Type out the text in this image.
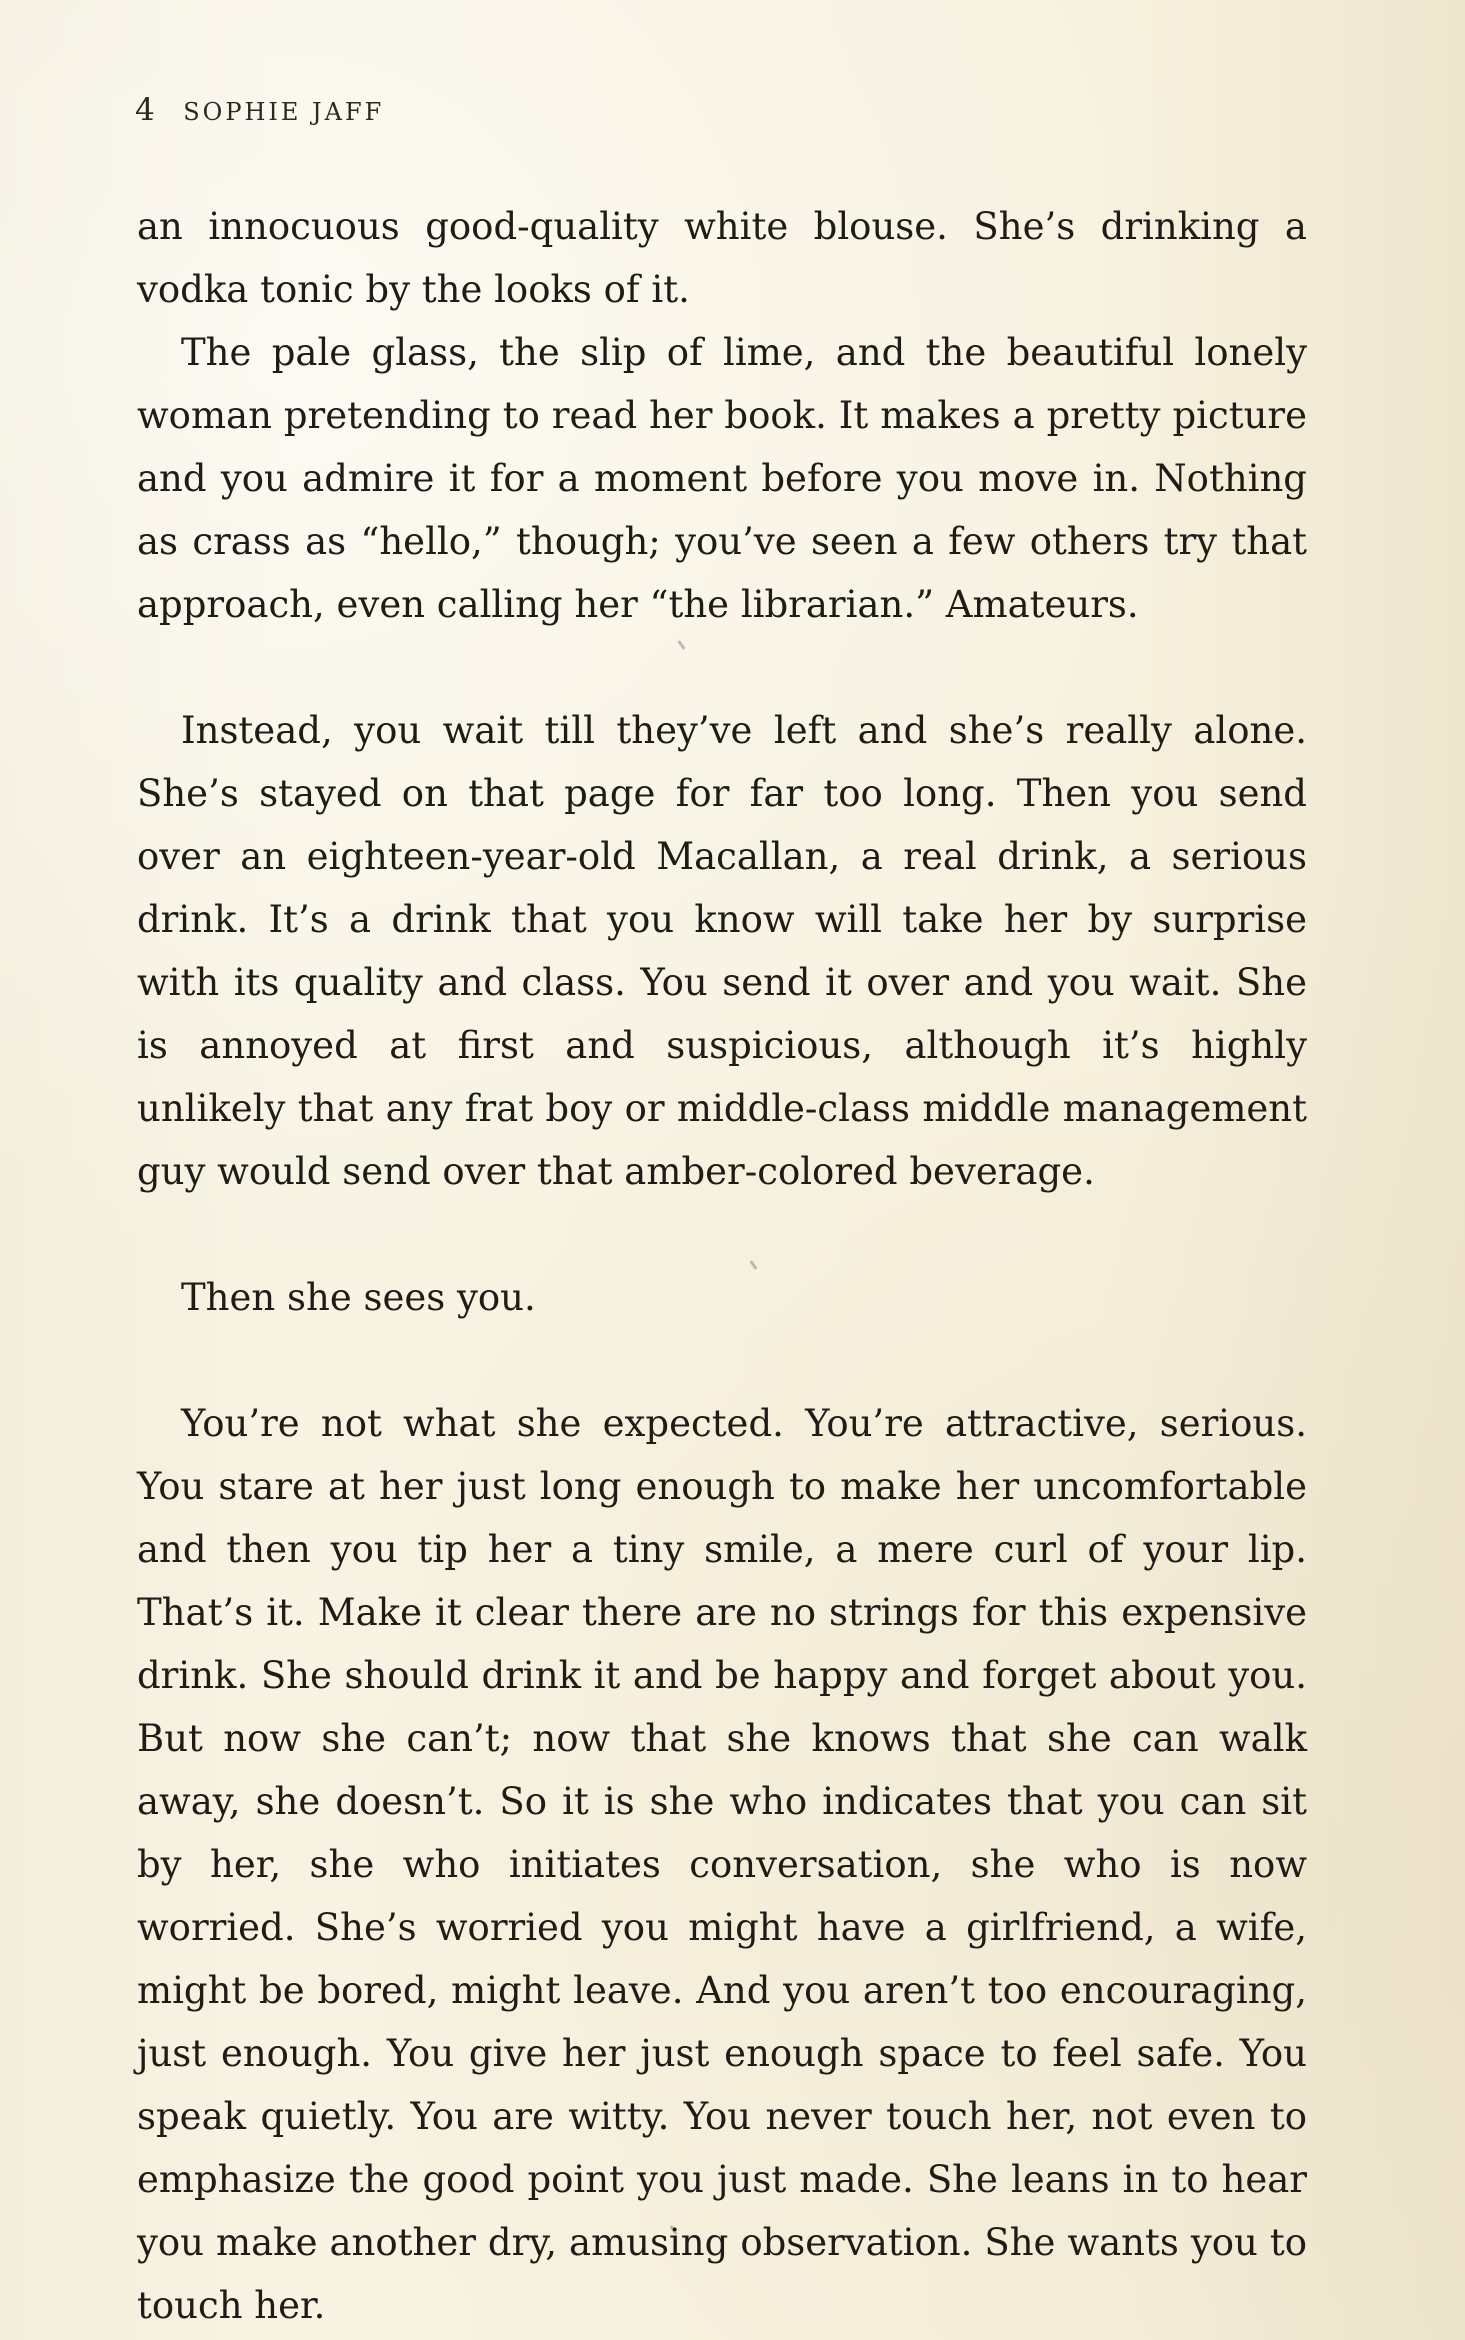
4 SOPHIE JAFF

an innocuous good-quality white blouse. She’s drinking a vodka tonic by the looks of it.

The pale glass, the slip of lime, and the beautiful lonely woman pretending to read her book. It makes a pretty picture and you admire it for a moment before you move in. Nothing as crass as “hello,” though; you’ve seen a few others try that approach, even calling her “the librarian.” Amateurs.

Instead, you wait till they’ve left and she’s really alone. She’s stayed on that page for far too long. Then you send over an eighteen-year-old Macallan, a real drink, a serious drink. It’s a drink that you know will take her by surprise with its quality and class. You send it over and you wait. She is annoyed at first and suspicious, although it’s highly unlikely that any frat boy or middle-class middle management guy would send over that amber-colored beverage.

Then she sees you.

You’re not what she expected. You’re attractive, serious. You stare at her just long enough to make her uncomfortable and then you tip her a tiny smile, a mere curl of your lip. That’s it. Make it clear there are no strings for this expensive drink. She should drink it and be happy and forget about you. But now she can’t; now that she knows that she can walk away, she doesn’t. So it is she who indicates that you can sit by her, she who initiates conversation, she who is now worried. She’s worried you might have a girlfriend, a wife, might be bored, might leave. And you aren’t too encouraging, just enough. You give her just enough space to feel safe. You speak quietly. You are witty. You never touch her, not even to emphasize the good point you just made. She leans in to hear you make another dry, amusing observation. She wants you to touch her.
